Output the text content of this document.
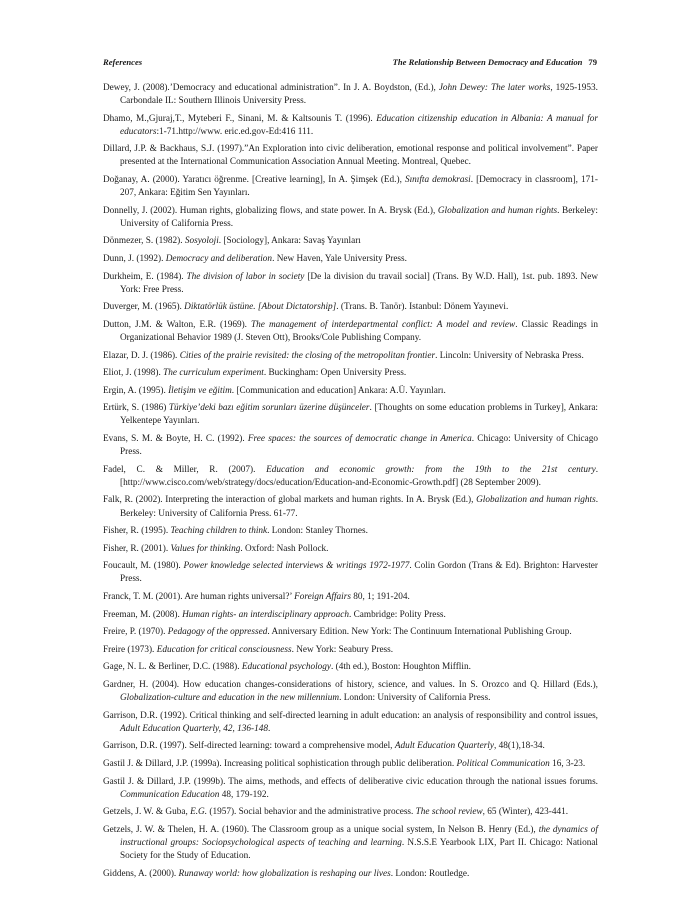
References	The Relationship Between Democracy and Education 79
Dewey, J. (2008).’Democracy and educational administration”. In J. A. Boydston, (Ed.), John Dewey: The later works, 1925-1953. Carbondale IL: Southern Illinois University Press.
Dhamo, M.,Gjuraj,T., Myteberi F., Sinani, M. & Kaltsounis T. (1996). Education citizenship education in Albania: A manual for educators:1-71.http://www. eric.ed.gov-Ed:416 111.
Dillard, J.P. & Backhaus, S.J. (1997).”An Exploration into civic deliberation, emotional response and political involvement”. Paper presented at the International Communication Association Annual Meeting. Montreal, Quebec.
Doğanay, A. (2000). Yaratıcı öğrenme. [Creative learning], In A. Şimşek (Ed.), Sınıfta demokrasi. [Democracy in classroom], 171-207, Ankara: Eğitim Sen Yayınları.
Donnelly, J. (2002). Human rights, globalizing flows, and state power. In A. Brysk (Ed.), Globalization and human rights. Berkeley: University of California Press.
Dönmezer, S. (1982). Sosyoloji. [Sociology], Ankara: Savaş Yayınları
Dunn, J. (1992). Democracy and deliberation. New Haven, Yale University Press.
Durkheim, E. (1984). The division of labor in society [De la division du travail social] (Trans. By W.D. Hall), 1st. pub. 1893. New York: Free Press.
Duverger, M. (1965). Diktatörlük üstüne. [About Dictatorship]. (Trans. B. Tanör). Istanbul: Dönem Yayınevi.
Dutton, J.M. & Walton, E.R. (1969). The management of interdepartmental conflict: A model and review. Classic Readings in Organizational Behavior 1989 (J. Steven Ott), Brooks/Cole Publishing Company.
Elazar, D. J. (1986). Cities of the prairie revisited: the closing of the metropolitan frontier. Lincoln: University of Nebraska Press.
Eliot, J. (1998). The curriculum experiment. Buckingham: Open University Press.
Ergin, A. (1995). İletişim ve eğitim. [Communication and education] Ankara: A.Ü. Yayınları.
Ertürk, S. (1986) Türkiye’deki bazı eğitim sorunları üzerine düşünceler. [Thoughts on some education problems in Turkey], Ankara: Yelkentepe Yayınları.
Evans, S. M. & Boyte, H. C. (1992). Free spaces: the sources of democratic change in America. Chicago: University of Chicago Press.
Fadel, C. & Miller, R. (2007). Education and economic growth: from the 19th to the 21st century. [http://www.cisco.com/web/strategy/docs/education/Education-and-Economic-Growth.pdf] (28 September 2009).
Falk, R. (2002). Interpreting the interaction of global markets and human rights. In A. Brysk (Ed.), Globalization and human rights. Berkeley: University of California Press. 61-77.
Fisher, R. (1995). Teaching children to think. London: Stanley Thornes.
Fisher, R. (2001). Values for thinking. Oxford: Nash Pollock.
Foucault, M. (1980). Power knowledge selected interviews & writings 1972-1977. Colin Gordon (Trans & Ed). Brighton: Harvester Press.
Franck, T. M. (2001). Are human rights universal?’ Foreign Affairs 80, 1; 191-204.
Freeman, M. (2008). Human rights- an interdisciplinary approach. Cambridge: Polity Press.
Freire, P. (1970). Pedagogy of the oppressed. Anniversary Edition. New York: The Continuum International Publishing Group.
Freire (1973). Education for critical consciousness. New York: Seabury Press.
Gage, N. L. & Berliner, D.C. (1988). Educational psychology. (4th ed.), Boston: Houghton Mifflin.
Gardner, H. (2004). How education changes-considerations of history, science, and values. In S. Orozco and Q. Hillard (Eds.), Globalization-culture and education in the new millennium. London: University of California Press.
Garrison, D.R. (1992). Critical thinking and self-directed learning in adult education: an analysis of responsibility and control issues, Adult Education Quarterly, 42, 136-148.
Garrison, D.R. (1997). Self-directed learning: toward a comprehensive model, Adult Education Quarterly, 48(1),18-34.
Gastil J. & Dillard, J.P. (1999a). Increasing political sophistication through public deliberation. Political Communication 16, 3-23.
Gastil J. & Dillard, J.P. (1999b). The aims, methods, and effects of deliberative civic education through the national issues forums. Communication Education 48, 179-192.
Getzels, J. W. & Guba, E.G. (1957). Social behavior and the administrative process. The school review, 65 (Winter), 423-441.
Getzels, J. W. & Thelen, H. A. (1960). The Classroom group as a unique social system, In Nelson B. Henry (Ed.), the dynamics of instructional groups: Sociopsychological aspects of teaching and learning. N.S.S.E Yearbook LIX, Part II. Chicago: National Society for the Study of Education.
Giddens, A. (2000). Runaway world: how globalization is reshaping our lives. London: Routledge.
